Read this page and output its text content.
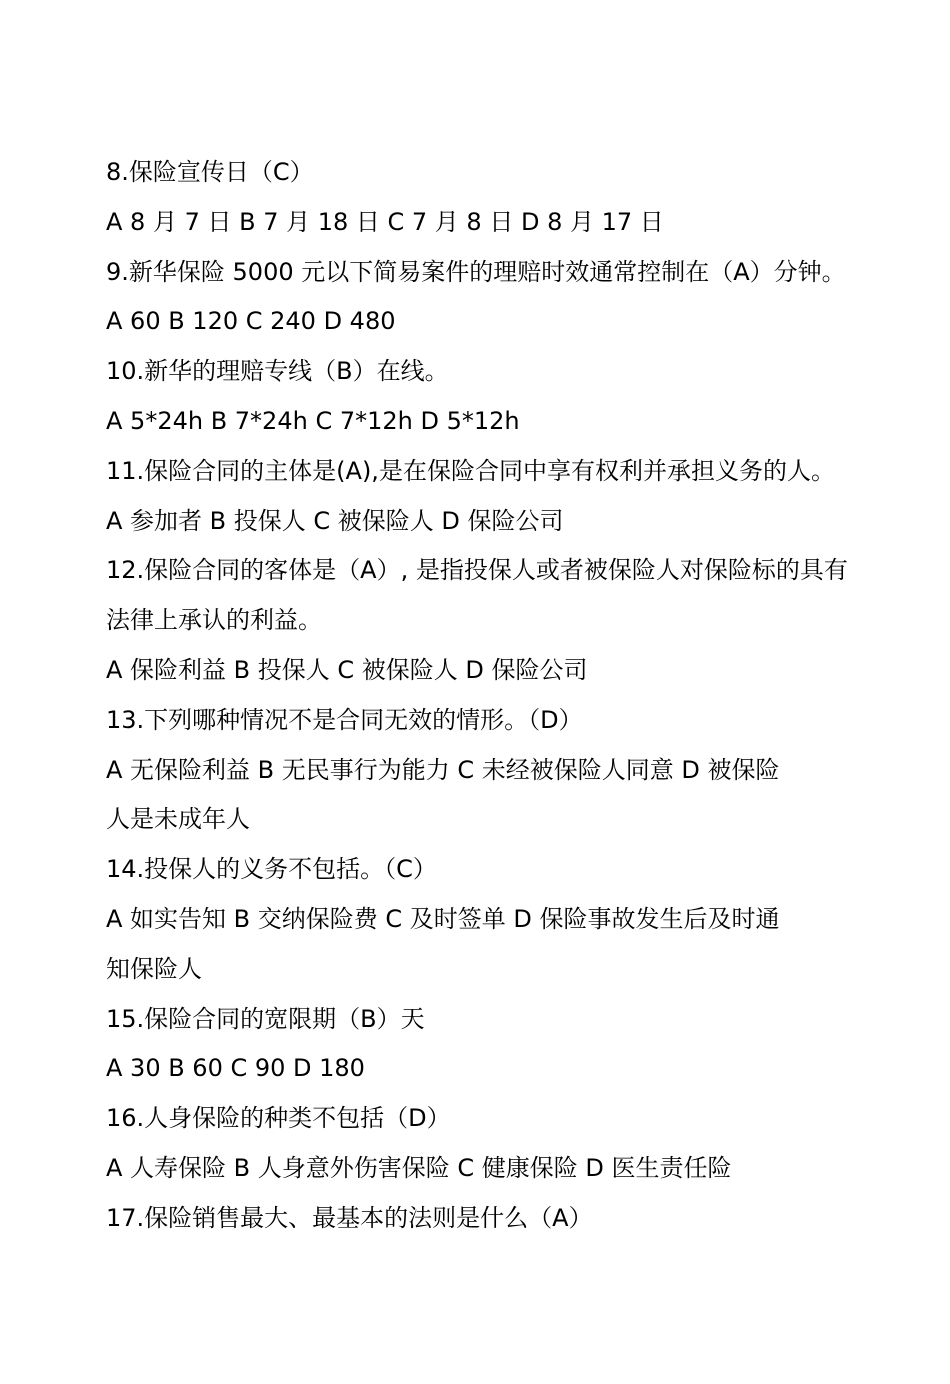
8.保险宣传日（C）
A 8 月 7 日 B 7 月 18 日 C 7 月 8 日 D 8 月 17 日
9.新华保险 5000 元以下简易案件的理赔时效通常控制在（A）分钟。
A 60 B 120 C 240 D 480
10.新华的理赔专线（B）在线。
A 5*24h B 7*24h C 7*12h D 5*12h
11.保险合同的主体是(A),是在保险合同中享有权利并承担义务的人。
A 参加者 B 投保人 C 被保险人 D 保险公司
12.保险合同的客体是（A）, 是指投保人或者被保险人对保险标的具有
法律上承认的利益。
A 保险利益 B 投保人 C 被保险人 D 保险公司
13.下列哪种情况不是合同无效的情形。（D）
A 无保险利益 B 无民事行为能力 C 未经被保险人同意 D 被保险
人是未成年人
14.投保人的义务不包括。（C）
A 如实告知 B 交纳保险费 C 及时签单 D 保险事故发生后及时通
知保险人
15.保险合同的宽限期（B）天
A 30 B 60 C 90 D 180
16.人身保险的种类不包括（D）
A 人寿保险 B 人身意外伤害保险 C 健康保险 D 医生责任险
17.保险销售最大、最基本的法则是什么（A）
